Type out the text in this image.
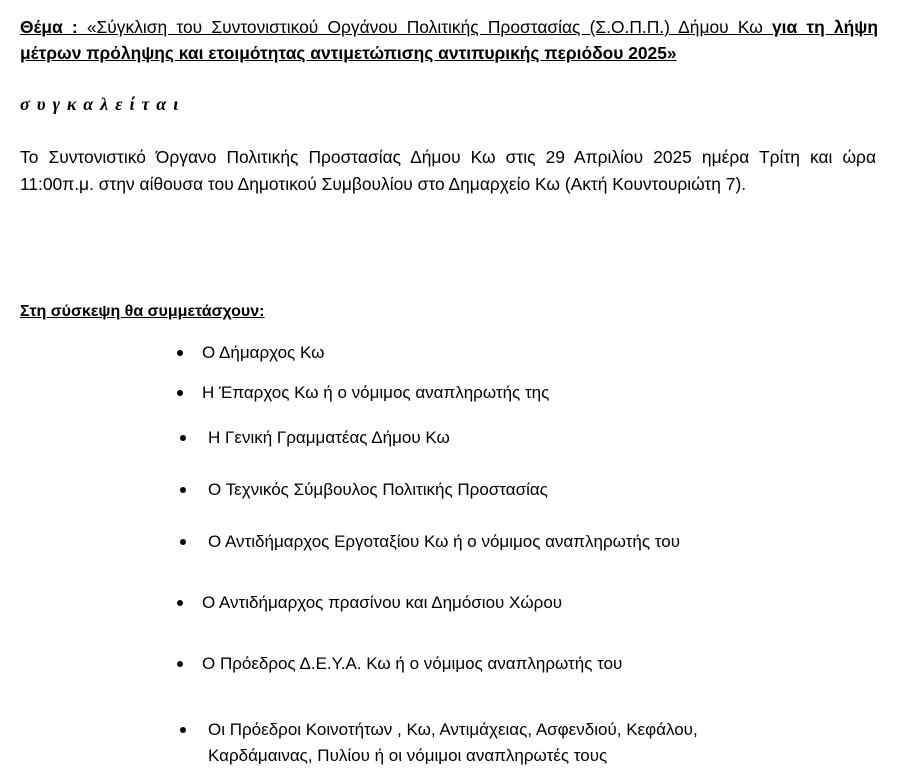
Θέμα : «Σύγκλιση του Συντονιστικού Οργάνου Πολιτικής Προστασίας (Σ.Ο.Π.Π.) Δήμου Κω για τη λήψη μέτρων πρόληψης και ετοιμότητας αντιμετώπισης αντιπυρικής περιόδου 2025»
συγκαλείται
Το Συντονιστικό Όργανο Πολιτικής Προστασίας Δήμου Κω στις 29 Απριλίου 2025 ημέρα Τρίτη και ώρα 11:00π.μ. στην αίθουσα του Δημοτικού Συμβουλίου στο Δημαρχείο Κω (Ακτή Κουντουριώτη 7).
Στη σύσκεψη θα συμμετάσχουν:
Ο Δήμαρχος Κω
Η Έπαρχος Κω ή ο νόμιμος αναπληρωτής της
Η Γενική Γραμματέας Δήμου Κω
Ο Τεχνικός Σύμβουλος Πολιτικής Προστασίας
Ο Αντιδήμαρχος Εργοταξίου Κω ή ο νόμιμος αναπληρωτής του
Ο Αντιδήμαρχος πρασίνου και Δημόσιου Χώρου
Ο Πρόεδρος Δ.Ε.Υ.Α. Κω ή ο νόμιμος αναπληρωτής του
Οι Πρόεδροι Κοινοτήτων , Κω, Αντιμάχειας, Ασφενδιού, Κεφάλου,
Καρδάμαινας, Πυλίου ή οι νόμιμοι αναπληρωτές τους
